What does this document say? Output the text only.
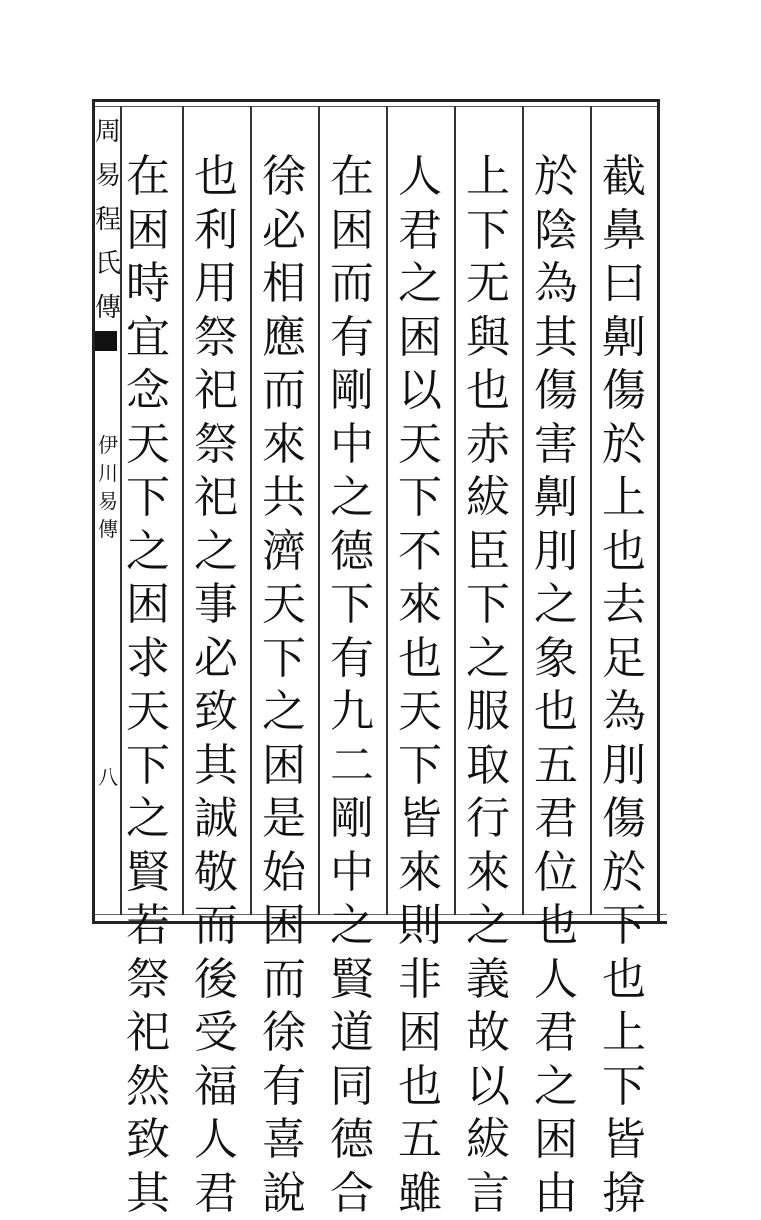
周
易
程
氏
傳
伊
川
易
傳
八
截
鼻
曰
劓
傷
於
上
也
去
足
為
刖
傷
於
下
也
上
下
皆
揜
於
陰
為
其
傷
害
劓
刖
之
象
也
五
君
位
也
人
君
之
困
由
上
下
无
與
也
赤
紱
臣
下
之
服
取
行
來
之
義
故
以
紱
言
人
君
之
困
以
天
下
不
來
也
天
下
皆
來
則
非
困
也
五
雖
在
困
而
有
剛
中
之
德
下
有
九
二
剛
中
之
賢
道
同
德
合
徐
必
相
應
而
來
共
濟
天
下
之
困
是
始
困
而
徐
有
喜
說
也
利
用
祭
祀
祭
祀
之
事
必
致
其
誠
敬
而
後
受
福
人
君
在
困
時
宜
念
天
下
之
困
求
天
下
之
賢
若
祭
祀
然
致
其
